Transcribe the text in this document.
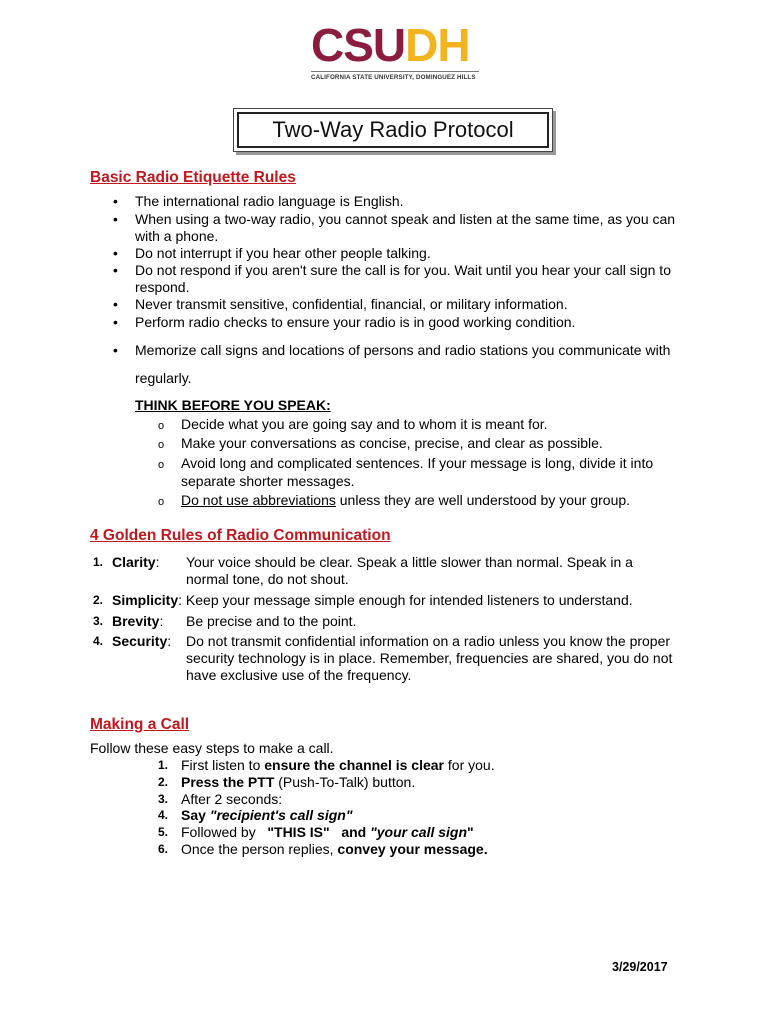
CSUDH
CALIFORNIA STATE UNIVERSITY, DOMINGUEZ HILLS
Two-Way Radio Protocol
Basic Radio Etiquette Rules
• The international radio language is English.
• When using a two-way radio, you cannot speak and listen at the same time, as you can
with a phone.
• Do not interrupt if you hear other people talking.
• Do not respond if you aren't sure the call is for you. Wait until you hear your call sign to
respond.
• Never transmit sensitive, confidential, financial, or military information.
• Perform radio checks to ensure your radio is in good working condition.
• Memorize call signs and locations of persons and radio stations you communicate with
regularly.
THINK BEFORE YOU SPEAK:
o Decide what you are going say and to whom it is meant for.
o Make your conversations as concise, precise, and clear as possible.
o Avoid long and complicated sentences. If your message is long, divide it into
separate shorter messages.
o Do not use abbreviations unless they are well understood by your group.
4 Golden Rules of Radio Communication
1. Clarity: Your voice should be clear. Speak a little slower than normal. Speak in a
normal tone, do not shout.
2. Simplicity: Keep your message simple enough for intended listeners to understand.
3. Brevity: Be precise and to the point.
4. Security: Do not transmit confidential information on a radio unless you know the proper
security technology is in place. Remember, frequencies are shared, you do not
have exclusive use of the frequency.
Making a Call
Follow these easy steps to make a call.
1. First listen to ensure the channel is clear for you.
2. Press the PTT (Push-To-Talk) button.
3. After 2 seconds:
4. Say "recipient's call sign"
5. Followed by   "THIS IS"   and "your call sign"
6. Once the person replies, convey your message.
3/29/2017
